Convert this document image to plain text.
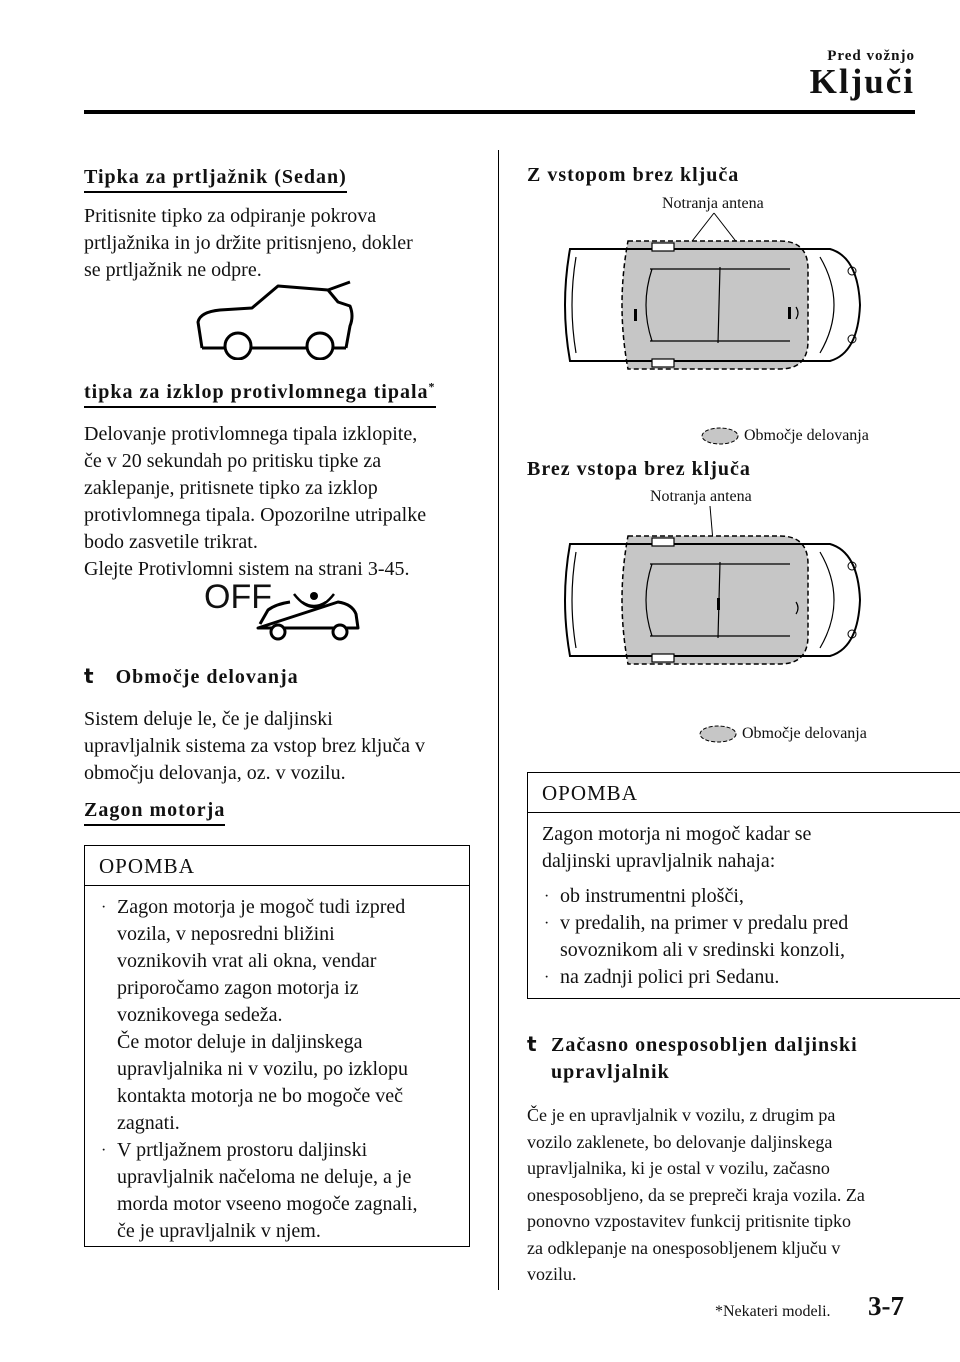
Pred vožnjo
Ključi
Tipka za prtljažnik (Sedan)

Pritisnite tipko za odpiranje pokrova

prtljažnika in jo držite pritisnjeno, dokler

se prtljažnik ne odpre.

tipka za izklop protivlomnega tipala*

Delovanje protivlomnega tipala izklopite,

če v 20 sekundah po pritisku tipke za

zaklepanje, pritisnete tipko za izklop

protivlomnega tipala. Opozorilne utripalke

bodo zasvetile trikrat.

Glejte Protivlomni sistem na strani 3-45.

OFF
t Območje delovanja

Sistem deluje le, če je daljinski

upravljalnik sistema za vstop brez ključa v

območju delovanja, oz. v vozilu.

Zagon motorja
OPOMBA
· Zagon motorja je mogoč tudi izpred

vozila, v neposredni bližini

voznikovih vrat ali okna, vendar

priporočamo zagon motorja iz

voznikovega sedeža.

Če motor deluje in daljinskega

upravljalnika ni v vozilu, po izklopu

kontakta motorja ne bo mogoče več

zagnati.

· V prtljažnem prostoru daljinski

upravljalnik načeloma ne deluje, a je

morda motor vseeno mogoče zagnali,

če je upravljalnik v njem.

Z vstopom brez ključa
Notranja antena
Območje delovanja
Brez vstopa brez ključa
Notranja antena
Območje delovanja
OPOMBA

Zagon motorja ni mogoč kadar se

daljinski upravljalnik nahaja:

· ob instrumentni plošči,

· v predalih, na primer v predalu pred

sovoznikom ali v sredinski konzoli,

· na zadnji polici pri Sedanu.

t Začasno onesposobljen daljinski
upravljalnik

Če je en upravljalnik v vozilu, z drugim pa

vozilo zaklenete, bo delovanje daljinskega

upravljalnika, ki je ostal v vozilu, začasno

onesposobljeno, da se prepreči kraja vozila. Za

ponovno vzpostavitev funkcij pritisnite tipko

za odklepanje na onesposobljenem ključu v

vozilu.

*Nekateri modeli. 3-7
